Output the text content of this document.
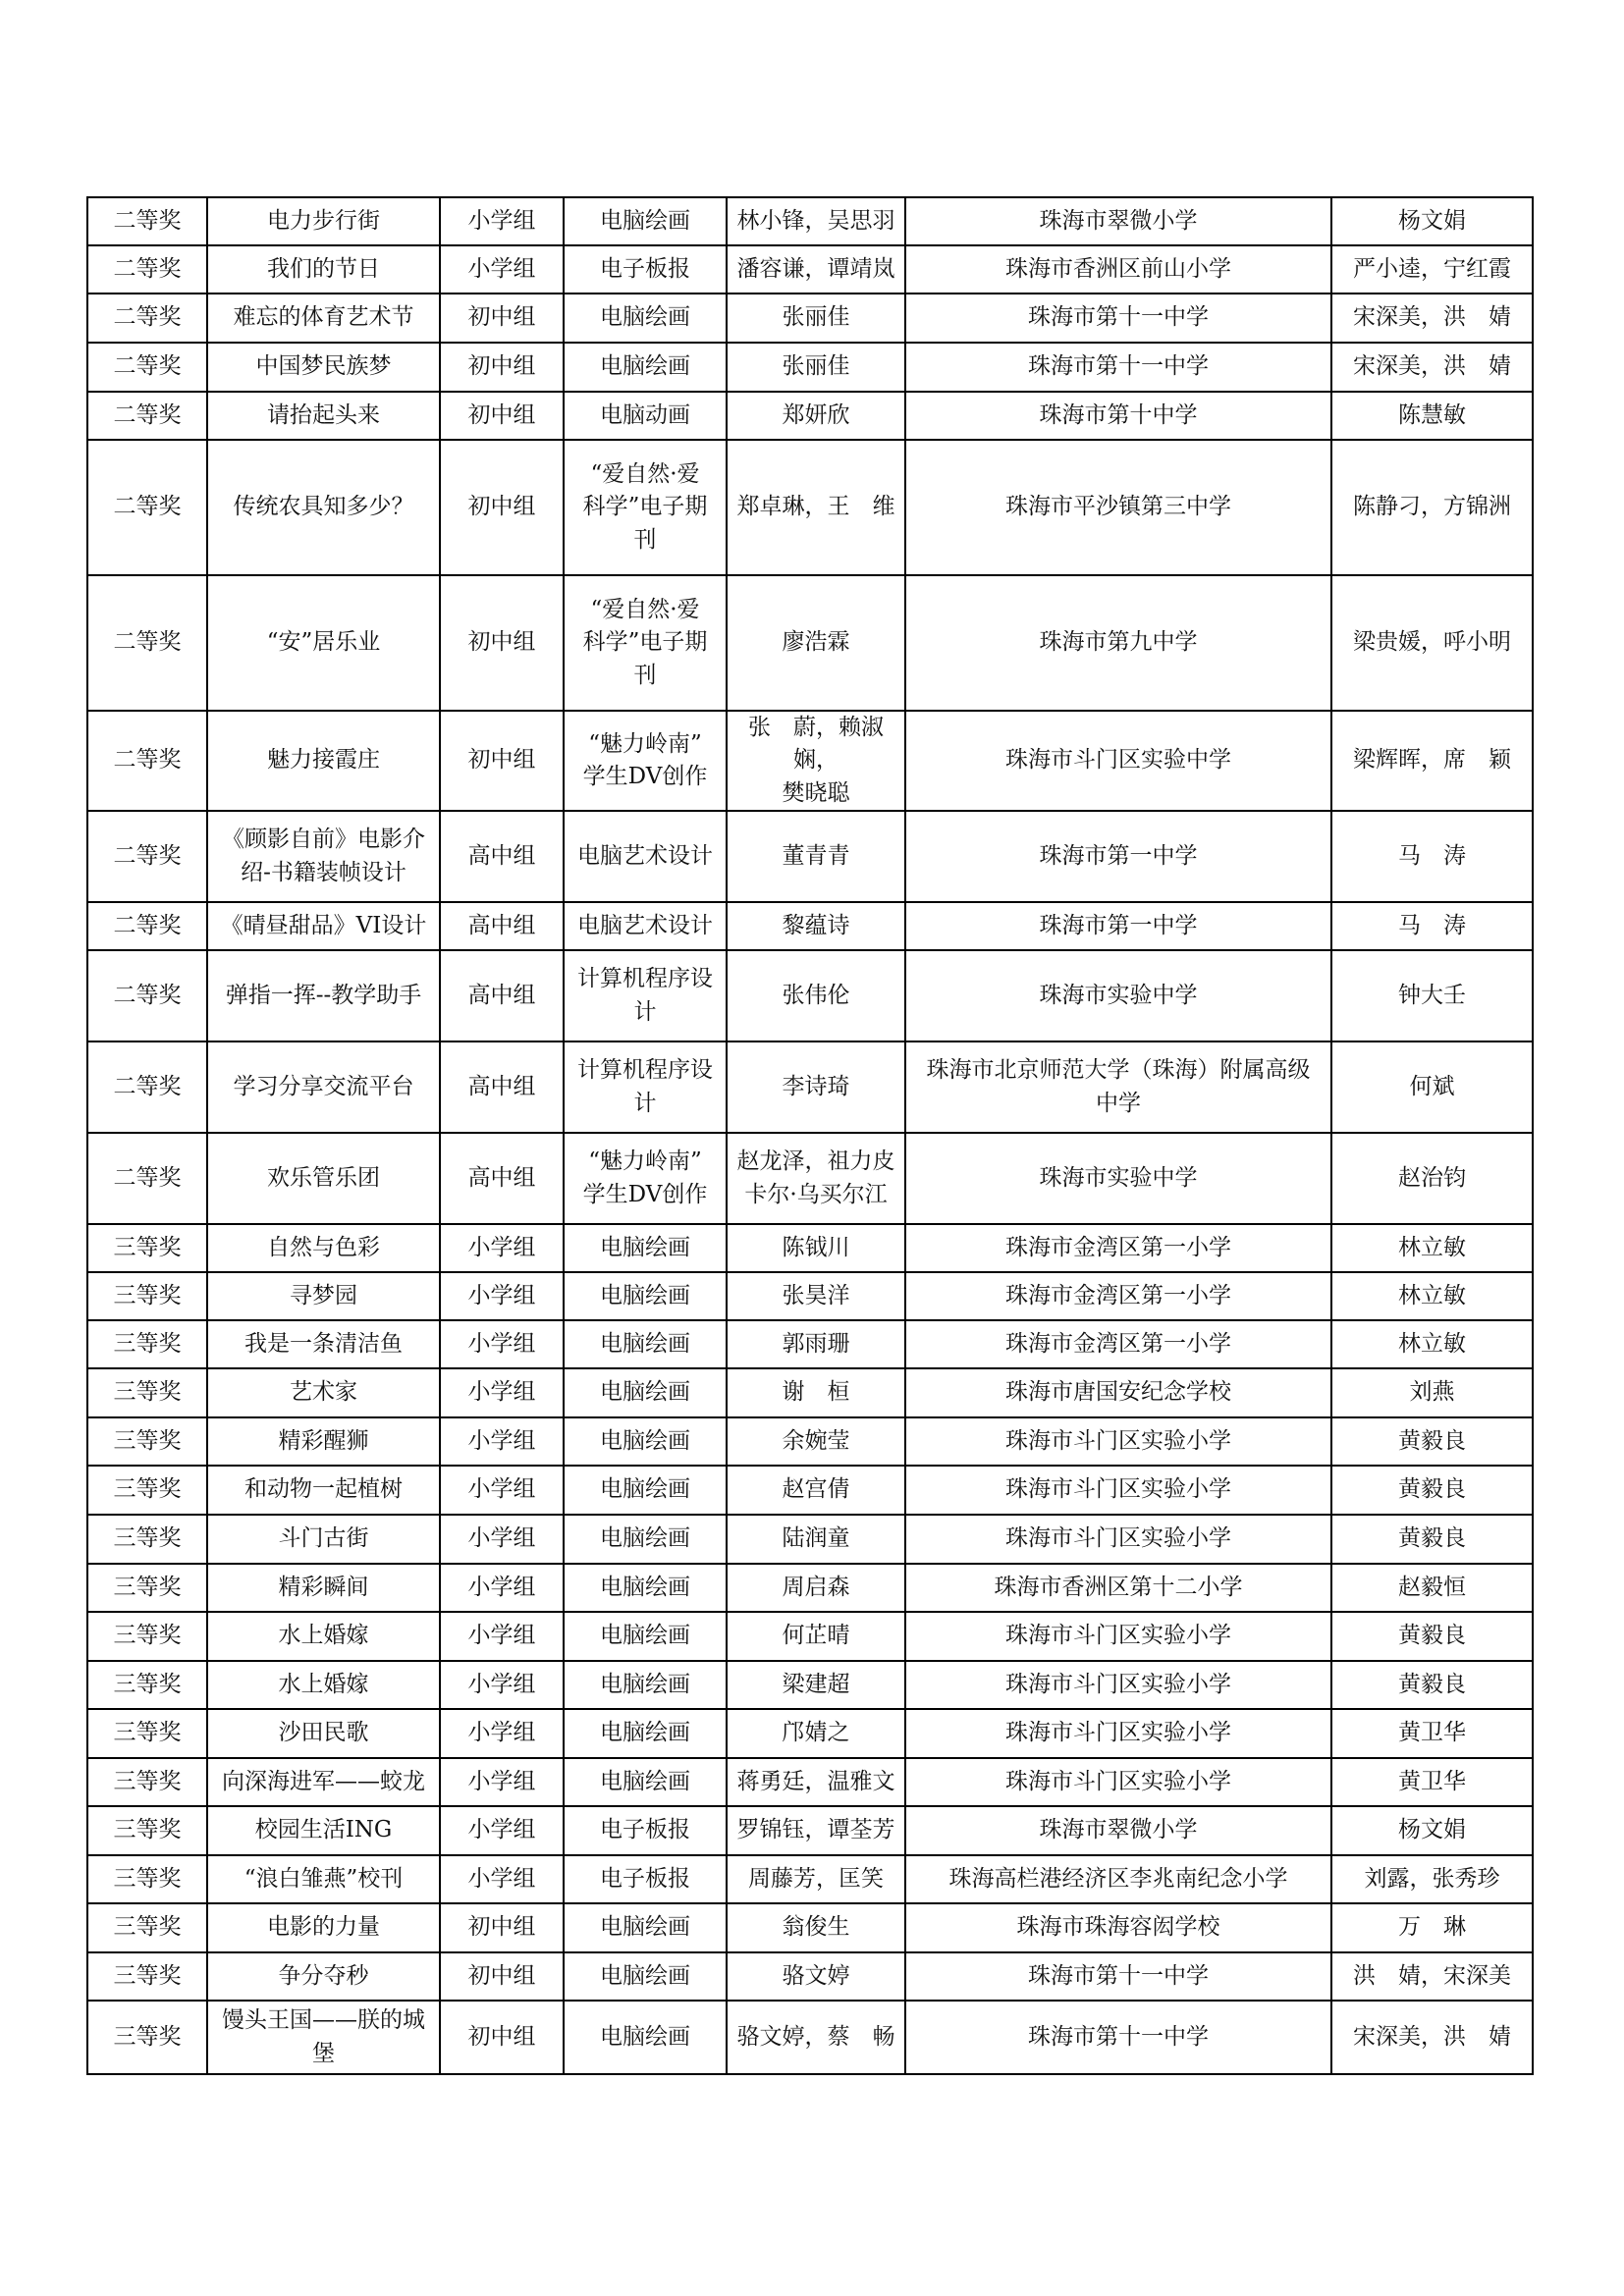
二等奖	电力步行街	小学组	电脑绘画	林小锋，吴思羽	珠海市翠微小学	杨文娟
二等奖	我们的节日	小学组	电子板报	潘容谦，谭靖岚	珠海市香洲区前山小学	严小逵，宁红霞
二等奖	难忘的体育艺术节	初中组	电脑绘画	张丽佳	珠海市第十一中学	宋深美，洪　婧
二等奖	中国梦民族梦	初中组	电脑绘画	张丽佳	珠海市第十一中学	宋深美，洪　婧
二等奖	请抬起头来	初中组	电脑动画	郑妍欣	珠海市第十中学	陈慧敏
二等奖	传统农具知多少？	初中组	“爱自然·爱
科学”电子期
刊	郑卓琳，王　维	珠海市平沙镇第三中学	陈静刁，方锦洲
二等奖	“安”居乐业	初中组	“爱自然·爱
科学”电子期
刊	廖浩霖	珠海市第九中学	梁贵媛，呼小明
二等奖	魅力接霞庄	初中组	“魅力岭南”
学生DV创作	张　蔚，赖淑娴，
樊晓聪	珠海市斗门区实验中学	梁辉晖，席　颖
二等奖	《顾影自前》电影介
绍-书籍装帧设计	高中组	电脑艺术设计	董青青	珠海市第一中学	马　涛
二等奖	《晴昼甜品》VI设计	高中组	电脑艺术设计	黎蕴诗	珠海市第一中学	马　涛
二等奖	弹指一挥--教学助手	高中组	计算机程序设
计	张伟伦	珠海市实验中学	钟大壬
二等奖	学习分享交流平台	高中组	计算机程序设
计	李诗琦	珠海市北京师范大学（珠海）附属高级
中学	何斌
二等奖	欢乐管乐团	高中组	“魅力岭南”
学生DV创作	赵龙泽，祖力皮
卡尔·乌买尔江	珠海市实验中学	赵治钧
三等奖	自然与色彩	小学组	电脑绘画	陈钺川	珠海市金湾区第一小学	林立敏
三等奖	寻梦园	小学组	电脑绘画	张昊洋	珠海市金湾区第一小学	林立敏
三等奖	我是一条清洁鱼	小学组	电脑绘画	郭雨珊	珠海市金湾区第一小学	林立敏
三等奖	艺术家	小学组	电脑绘画	谢　桓	珠海市唐国安纪念学校	刘燕
三等奖	精彩醒狮	小学组	电脑绘画	余婉莹	珠海市斗门区实验小学	黄毅良
三等奖	和动物一起植树	小学组	电脑绘画	赵宫倩	珠海市斗门区实验小学	黄毅良
三等奖	斗门古街	小学组	电脑绘画	陆润童	珠海市斗门区实验小学	黄毅良
三等奖	精彩瞬间	小学组	电脑绘画	周启森	珠海市香洲区第十二小学	赵毅恒
三等奖	水上婚嫁	小学组	电脑绘画	何芷晴	珠海市斗门区实验小学	黄毅良
三等奖	水上婚嫁	小学组	电脑绘画	梁建超	珠海市斗门区实验小学	黄毅良
三等奖	沙田民歌	小学组	电脑绘画	邝婧之	珠海市斗门区实验小学	黄卫华
三等奖	向深海进军——蛟龙	小学组	电脑绘画	蒋勇廷，温雅文	珠海市斗门区实验小学	黄卫华
三等奖	校园生活ING	小学组	电子板报	罗锦钰，谭荃芳	珠海市翠微小学	杨文娟
三等奖	“浪白雏燕”校刊	小学组	电子板报	周藤芳，匡笑	珠海高栏港经济区李兆南纪念小学	刘露，张秀珍
三等奖	电影的力量	初中组	电脑绘画	翁俊生	珠海市珠海容闳学校	万　琳
三等奖	争分夺秒	初中组	电脑绘画	骆文婷	珠海市第十一中学	洪　婧，宋深美
三等奖	馒头王国——朕的城
堡	初中组	电脑绘画	骆文婷，蔡　畅	珠海市第十一中学	宋深美，洪　婧
